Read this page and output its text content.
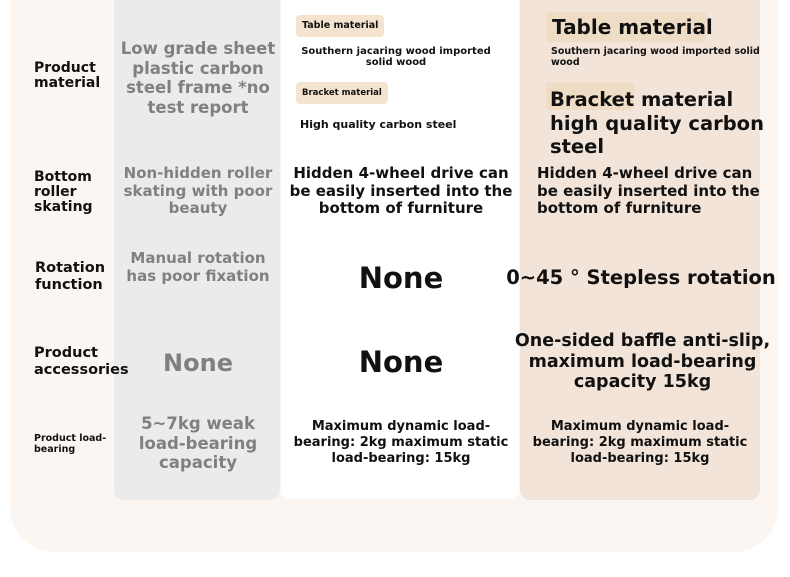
Product material
Bottom roller skating
Rotation function
Product accessories
Product load-bearing
Low grade sheet plastic carbon steel frame *no test report
Non-hidden roller skating with poor beauty
Manual rotation has poor fixation
None
5~7kg weak load-bearing capacity
Table material
Southern jacaring wood imported solid wood
Bracket material
High quality carbon steel
Hidden 4-wheel drive can be easily inserted into the bottom of furniture
None
None
Maximum dynamic load-bearing: 2kg maximum static load-bearing: 15kg
Table material
Southern jacaring wood imported solid wood
Bracket material high quality carbon steel
Hidden 4-wheel drive can be easily inserted into the bottom of furniture
0~45 ° Stepless rotation
One-sided baffle anti-slip, maximum load-bearing capacity 15kg
Maximum dynamic load-bearing: 2kg maximum static load-bearing: 15kg
